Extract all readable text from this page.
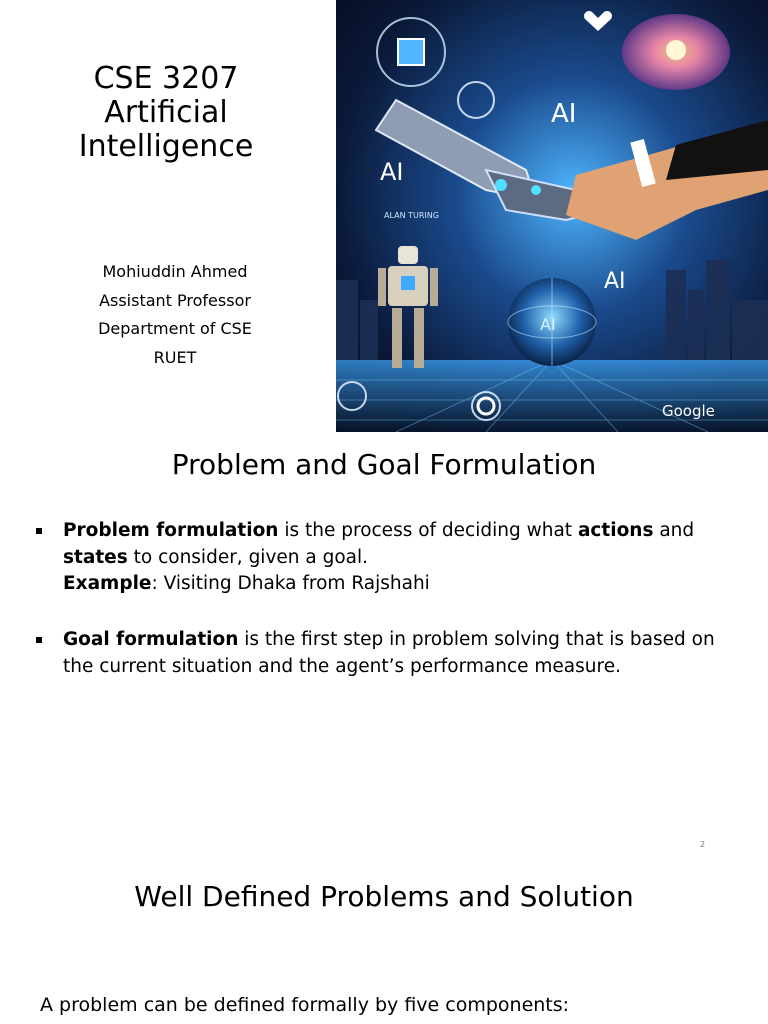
CSE 3207
Artificial
Intelligence
Mohiuddin Ahmed
Assistant Professor
Department of CSE
RUET
AI
AI
AI
AI
ALAN TURING
Google
Problem and Goal Formulation
Problem formulation is the process of deciding what actions and states to consider, given a goal.
Example: Visiting Dhaka from Rajshahi
Goal formulation is the first step in problem solving that is based on the current situation and the agent’s performance measure.
2
Well Defined Problems and Solution
A problem can be defined formally by five components:
